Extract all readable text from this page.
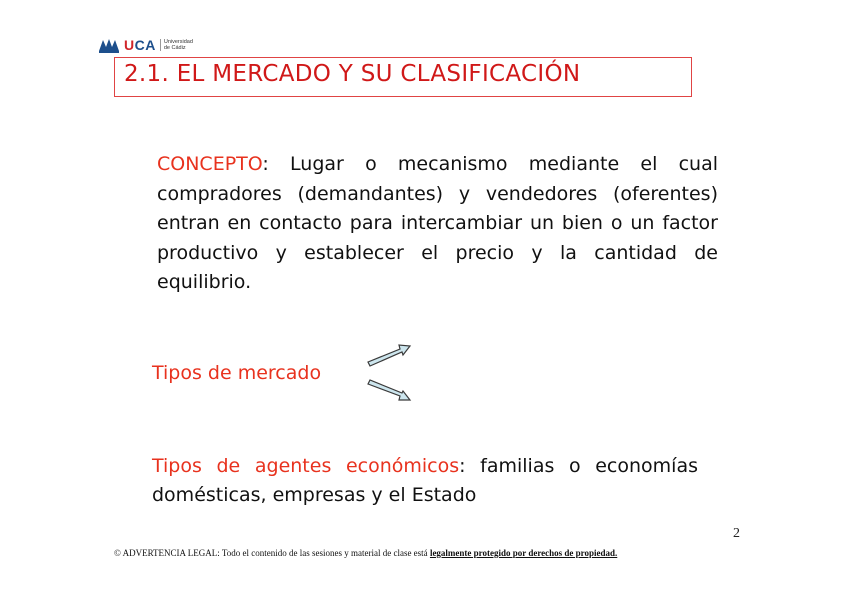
UCA	Universidad
de Cádiz
2.1. EL MERCADO Y SU CLASIFICACIÓN
CONCEPTO: Lugar o mecanismo mediante el cual compradores (demandantes) y vendedores (oferentes) entran en contacto para intercambiar un bien o un factor productivo y establecer el precio y la cantidad de equilibrio.
Tipos de mercado
Tipos de agentes económicos: familias o economías domésticas, empresas y el Estado
2
© ADVERTENCIA LEGAL: Todo el contenido de las sesiones y material de clase está legalmente protegido por derechos de propiedad.
